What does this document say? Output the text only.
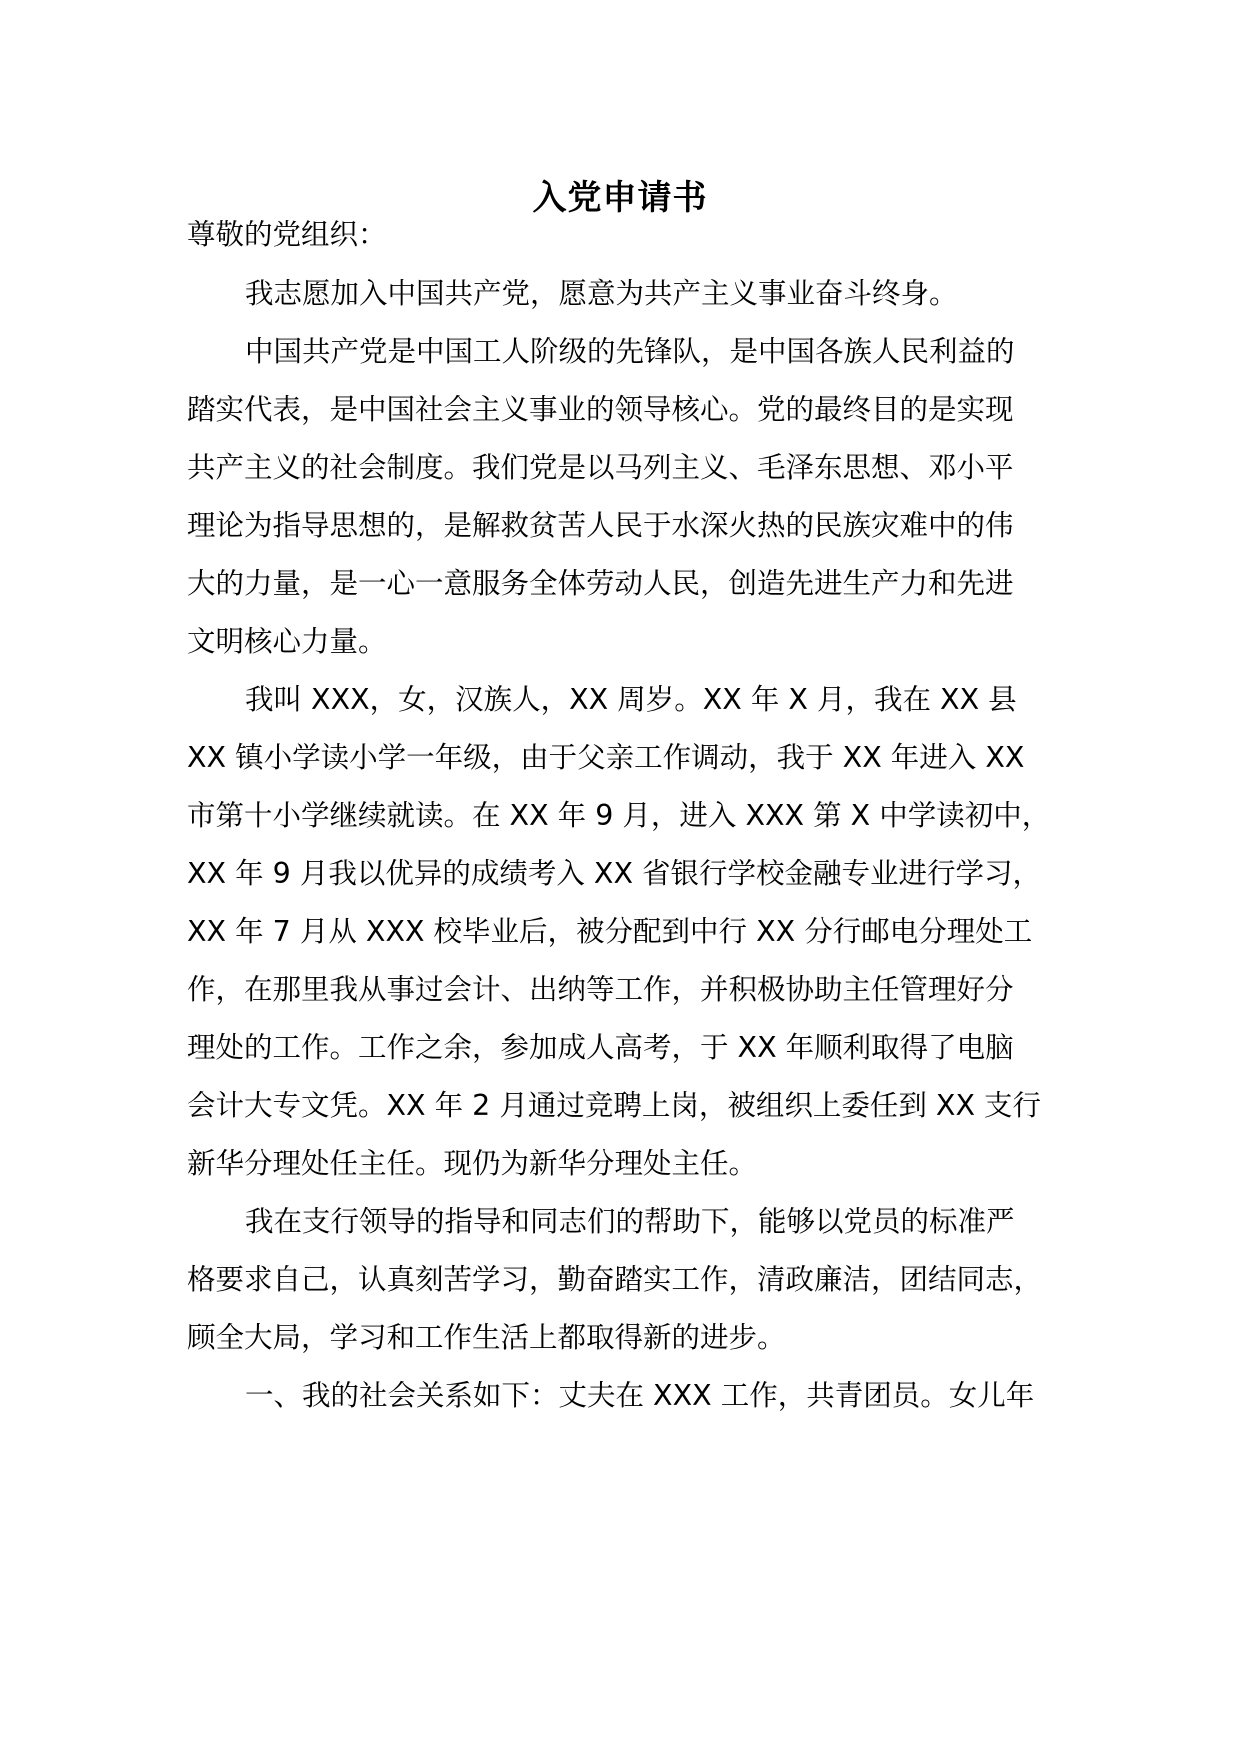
入党申请书
尊敬的党组织：
我志愿加入中国共产党，愿意为共产主义事业奋斗终身。
中国共产党是中国工人阶级的先锋队，是中国各族人民利益的
踏实代表，是中国社会主义事业的领导核心。党的最终目的是实现
共产主义的社会制度。我们党是以马列主义、毛泽东思想、邓小平
理论为指导思想的，是解救贫苦人民于水深火热的民族灾难中的伟
大的力量，是一心一意服务全体劳动人民，创造先进生产力和先进
文明核心力量。
我叫 XXX，女，汉族人，XX 周岁。XX 年 X 月，我在 XX 县
XX 镇小学读小学一年级，由于父亲工作调动，我于 XX 年进入 XX
市第十小学继续就读。在 XX 年 9 月，进入 XXX 第 X 中学读初中，
XX 年 9 月我以优异的成绩考入 XX 省银行学校金融专业进行学习，
XX 年 7 月从 XXX 校毕业后，被分配到中行 XX 分行邮电分理处工
作，在那里我从事过会计、出纳等工作，并积极协助主任管理好分
理处的工作。工作之余，参加成人高考，于 XX 年顺利取得了电脑
会计大专文凭。XX 年 2 月通过竞聘上岗，被组织上委任到 XX 支行
新华分理处任主任。现仍为新华分理处主任。
我在支行领导的指导和同志们的帮助下，能够以党员的标准严
格要求自己，认真刻苦学习，勤奋踏实工作，清政廉洁，团结同志，
顾全大局，学习和工作生活上都取得新的进步。
一、我的社会关系如下：丈夫在 XXX 工作，共青团员。女儿年
